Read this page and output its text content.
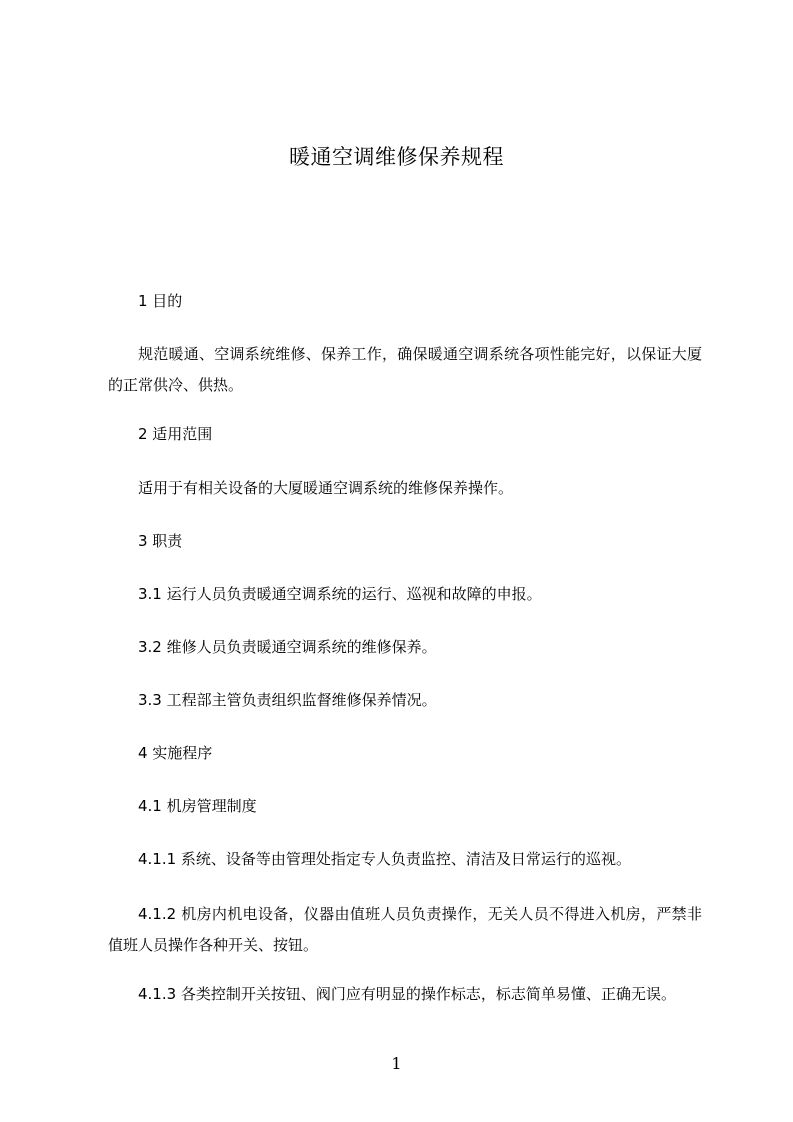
暖通空调维修保养规程
1 目的
规范暖通、空调系统维修、保养工作，确保暖通空调系统各项性能完好，以保证大厦的正常供冷、供热。
2 适用范围
适用于有相关设备的大厦暖通空调系统的维修保养操作。
3 职责
3.1 运行人员负责暖通空调系统的运行、巡视和故障的申报。
3.2 维修人员负责暖通空调系统的维修保养。
3.3 工程部主管负责组织监督维修保养情况。
4 实施程序
4.1 机房管理制度
4.1.1 系统、设备等由管理处指定专人负责监控、清洁及日常运行的巡视。
4.1.2 机房内机电设备，仪器由值班人员负责操作，无关人员不得进入机房，严禁非值班人员操作各种开关、按钮。
4.1.3 各类控制开关按钮、阀门应有明显的操作标志，标志简单易懂、正确无误。
1
